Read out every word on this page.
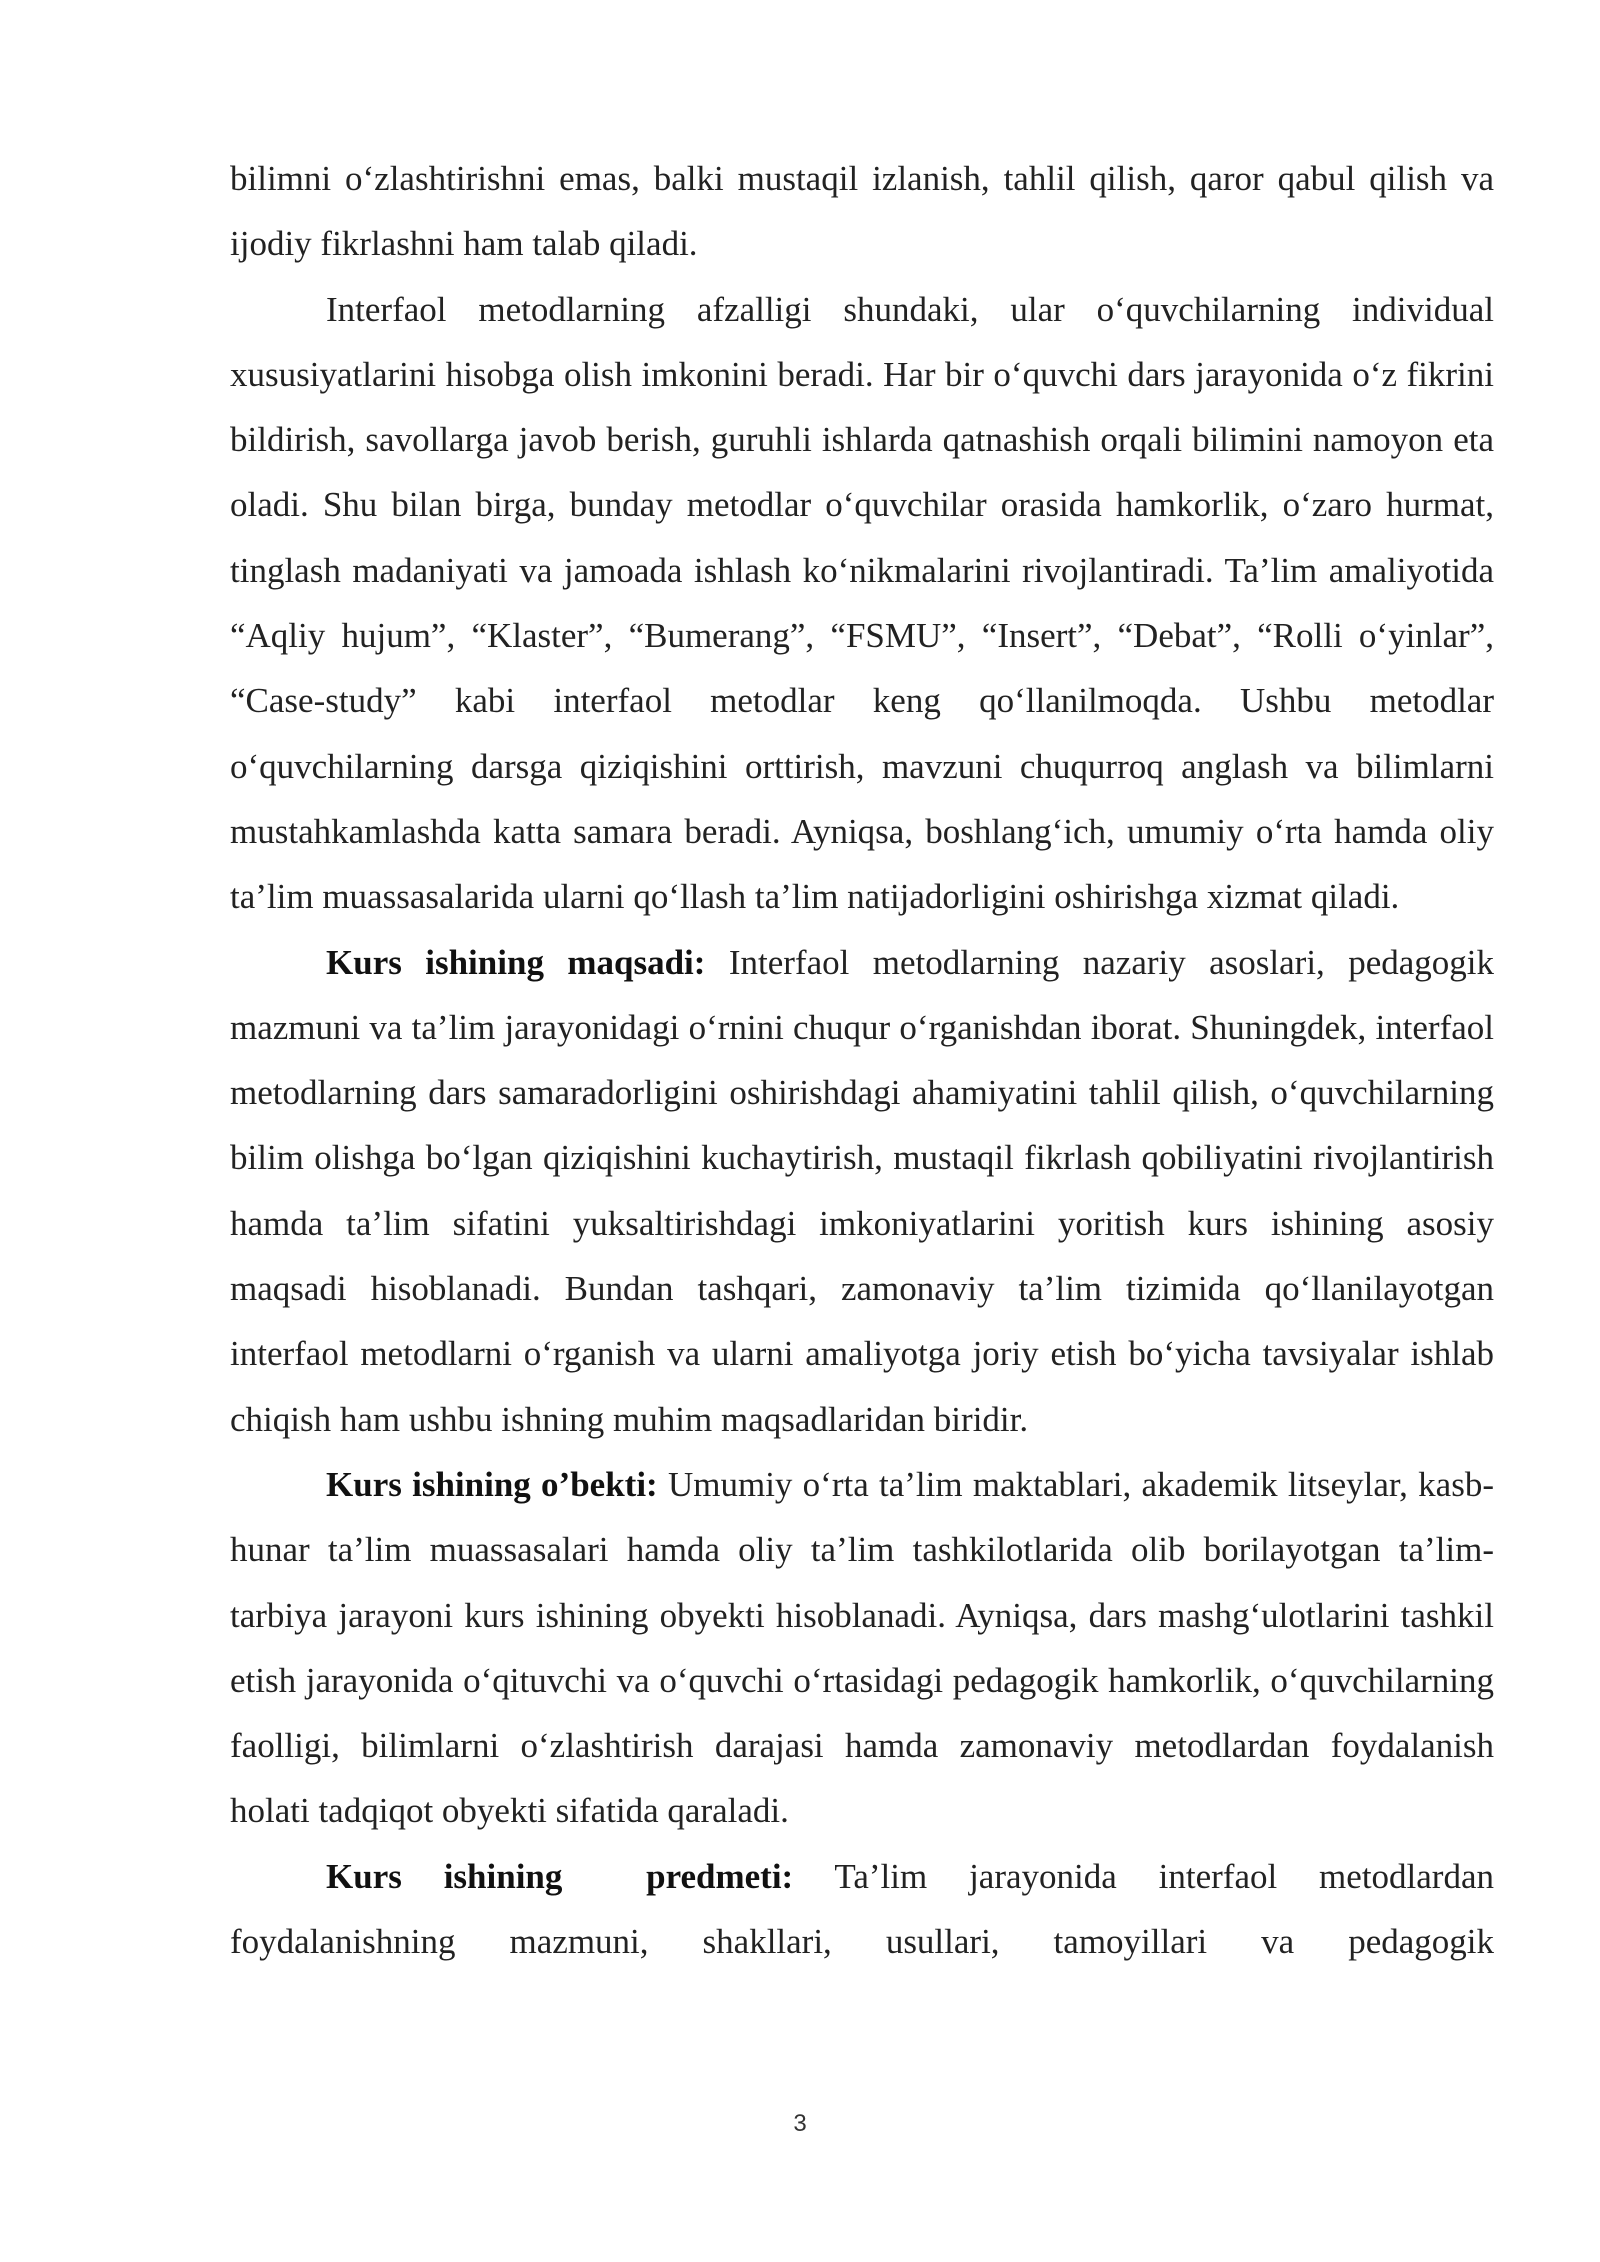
bilimni o‘zlashtirishni emas, balki mustaqil izlanish, tahlil qilish, qaror qabul qilish va ijodiy fikrlashni ham talab qiladi.

Interfaol metodlarning afzalligi shundaki, ular o‘quvchilarning individual xususiyatlarini hisobga olish imkonini beradi. Har bir o‘quvchi dars jarayonida o‘z fikrini bildirish, savollarga javob berish, guruhli ishlarda qatnashish orqali bilimini namoyon eta oladi. Shu bilan birga, bunday metodlar o‘quvchilar orasida hamkorlik, o‘zaro hurmat, tinglash madaniyati va jamoada ishlash ko‘nikmalarini rivojlantiradi. Ta’lim amaliyotida “Aqliy hujum”, “Klaster”, “Bumerang”, “FSMU”, “Insert”, “Debat”, “Rolli o‘yinlar”, “Case-study” kabi interfaol metodlar keng qo‘llanilmoqda. Ushbu metodlar o‘quvchilarning darsga qiziqishini orttirish, mavzuni chuqurroq anglash va bilimlarni mustahkamlashda katta samara beradi. Ayniqsa, boshlang‘ich, umumiy o‘rta hamda oliy ta’lim muassasalarida ularni qo‘llash ta’lim natijadorligini oshirishga xizmat qiladi.

Kurs ishining maqsadi: Interfaol metodlarning nazariy asoslari, pedagogik mazmuni va ta’lim jarayonidagi o‘rnini chuqur o‘rganishdan iborat. Shuningdek, interfaol metodlarning dars samaradorligini oshirishdagi ahamiyatini tahlil qilish, o‘quvchilarning bilim olishga bo‘lgan qiziqishini kuchaytirish, mustaqil fikrlash qobiliyatini rivojlantirish hamda ta’lim sifatini yuksaltirishdagi imkoniyatlarini yoritish kurs ishining asosiy maqsadi hisoblanadi. Bundan tashqari, zamonaviy ta’lim tizimida qo‘llanilayotgan interfaol metodlarni o‘rganish va ularni amaliyotga joriy etish bo‘yicha tavsiyalar ishlab chiqish ham ushbu ishning muhim maqsadlaridan biridir.

Kurs ishining o’bekti: Umumiy o‘rta ta’lim maktablari, akademik litseylar, kasb-hunar ta’lim muassasalari hamda oliy ta’lim tashkilotlarida olib borilayotgan ta’lim-tarbiya jarayoni kurs ishining obyekti hisoblanadi. Ayniqsa, dars mashg‘ulotlarini tashkil etish jarayonida o‘qituvchi va o‘quvchi o‘rtasidagi pedagogik hamkorlik, o‘quvchilarning faolligi, bilimlarni o‘zlashtirish darajasi hamda zamonaviy metodlardan foydalanish holati tadqiqot obyekti sifatida qaraladi.

Kurs ishining  predmeti: Ta’lim jarayonida interfaol metodlardan foydalanishning mazmuni, shakllari, usullari, tamoyillari va pedagogik

3
